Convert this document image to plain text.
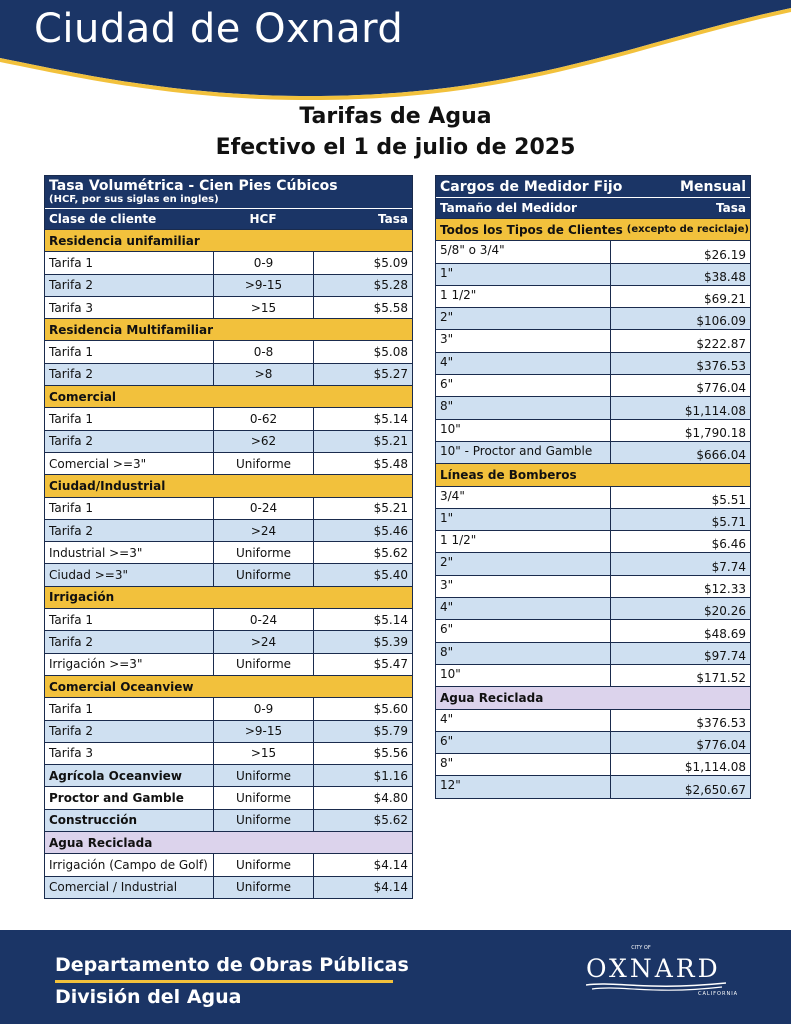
Ciudad de Oxnard
Tarifas de Agua
Efectivo el 1 de julio de 2025
Tasa Volumétrica - Cien Pies Cúbicos
(HCF, por sus siglas en ingles)
Clase de cliente	HCF	Tasa
Residencia unifamiliar
Tarifa 1	0-9	$5.09
Tarifa 2	>9-15	$5.28
Tarifa 3	>15	$5.58
Residencia Multifamiliar
Tarifa 1	0-8	$5.08
Tarifa 2	>8	$5.27
Comercial
Tarifa 1	0-62	$5.14
Tarifa 2	>62	$5.21
Comercial >=3"	Uniforme	$5.48
Ciudad/Industrial
Tarifa 1	0-24	$5.21
Tarifa 2	>24	$5.46
Industrial >=3"	Uniforme	$5.62
Ciudad >=3"	Uniforme	$5.40
Irrigación
Tarifa 1	0-24	$5.14
Tarifa 2	>24	$5.39
Irrigación >=3"	Uniforme	$5.47
Comercial Oceanview
Tarifa 1	0-9	$5.60
Tarifa 2	>9-15	$5.79
Tarifa 3	>15	$5.56
Agrícola Oceanview	Uniforme	$1.16
Proctor and Gamble	Uniforme	$4.80
Construcción	Uniforme	$5.62
Agua Reciclada
Irrigación (Campo de Golf)	Uniforme	$4.14
Comercial / Industrial	Uniforme	$4.14
Cargos de Medidor Fijo	Mensual
Tamaño del Medidor	Tasa
Todos los Tipos de Clientes (excepto de reciclaje)
5/8" o 3/4"	$26.19
1"	$38.48
1 1/2"	$69.21
2"	$106.09
3"	$222.87
4"	$376.53
6"	$776.04
8"	$1,114.08
10"	$1,790.18
10" - Proctor and Gamble	$666.04
Líneas de Bomberos
3/4"	$5.51
1"	$5.71
1 1/2"	$6.46
2"	$7.74
3"	$12.33
4"	$20.26
6"	$48.69
8"	$97.74
10"	$171.52
Agua Reciclada
4"	$376.53
6"	$776.04
8"	$1,114.08
12"	$2,650.67
Departamento de Obras Públicas
División del Agua
CITY OF
OXNARD
CALIFORNIA
